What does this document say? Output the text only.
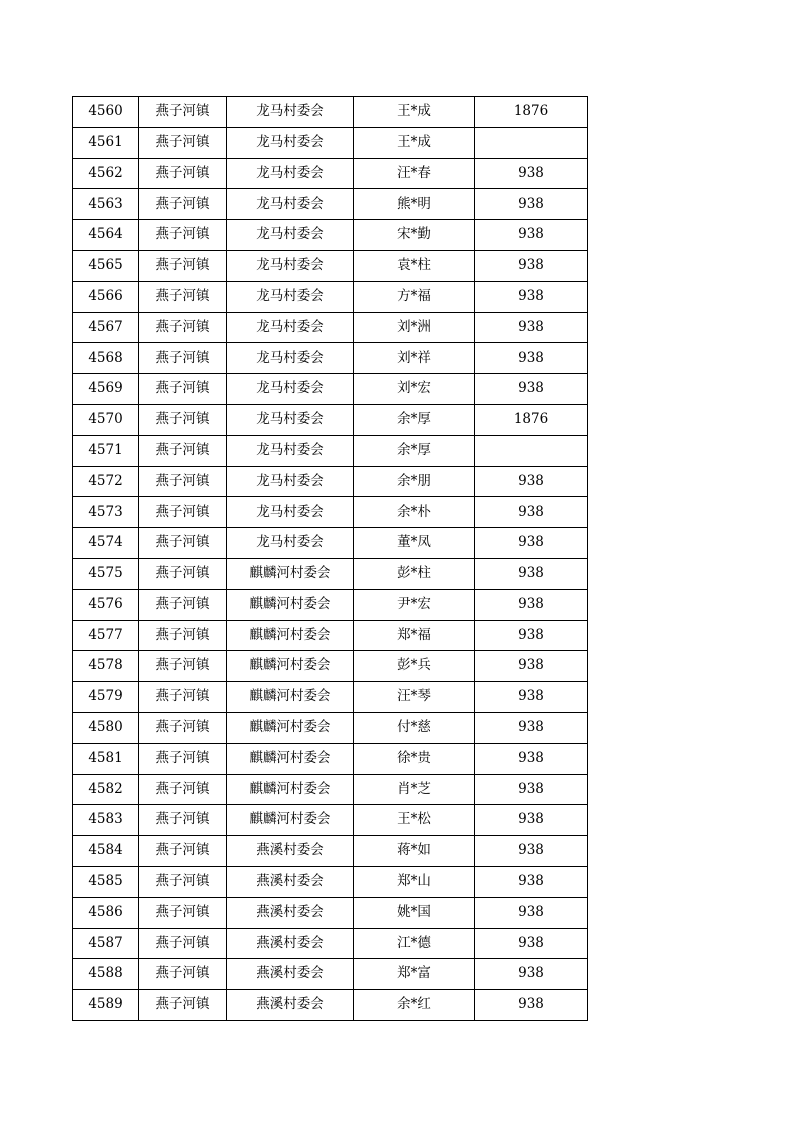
4560	燕子河镇	龙马村委会	王*成	1876
4561	燕子河镇	龙马村委会	王*成	
4562	燕子河镇	龙马村委会	汪*春	938
4563	燕子河镇	龙马村委会	熊*明	938
4564	燕子河镇	龙马村委会	宋*勤	938
4565	燕子河镇	龙马村委会	袁*柱	938
4566	燕子河镇	龙马村委会	方*福	938
4567	燕子河镇	龙马村委会	刘*洲	938
4568	燕子河镇	龙马村委会	刘*祥	938
4569	燕子河镇	龙马村委会	刘*宏	938
4570	燕子河镇	龙马村委会	余*厚	1876
4571	燕子河镇	龙马村委会	余*厚	
4572	燕子河镇	龙马村委会	余*朋	938
4573	燕子河镇	龙马村委会	余*朴	938
4574	燕子河镇	龙马村委会	董*凤	938
4575	燕子河镇	麒麟河村委会	彭*柱	938
4576	燕子河镇	麒麟河村委会	尹*宏	938
4577	燕子河镇	麒麟河村委会	郑*福	938
4578	燕子河镇	麒麟河村委会	彭*兵	938
4579	燕子河镇	麒麟河村委会	汪*琴	938
4580	燕子河镇	麒麟河村委会	付*慈	938
4581	燕子河镇	麒麟河村委会	徐*贵	938
4582	燕子河镇	麒麟河村委会	肖*芝	938
4583	燕子河镇	麒麟河村委会	王*松	938
4584	燕子河镇	燕溪村委会	蒋*如	938
4585	燕子河镇	燕溪村委会	郑*山	938
4586	燕子河镇	燕溪村委会	姚*国	938
4587	燕子河镇	燕溪村委会	江*德	938
4588	燕子河镇	燕溪村委会	郑*富	938
4589	燕子河镇	燕溪村委会	余*红	938
